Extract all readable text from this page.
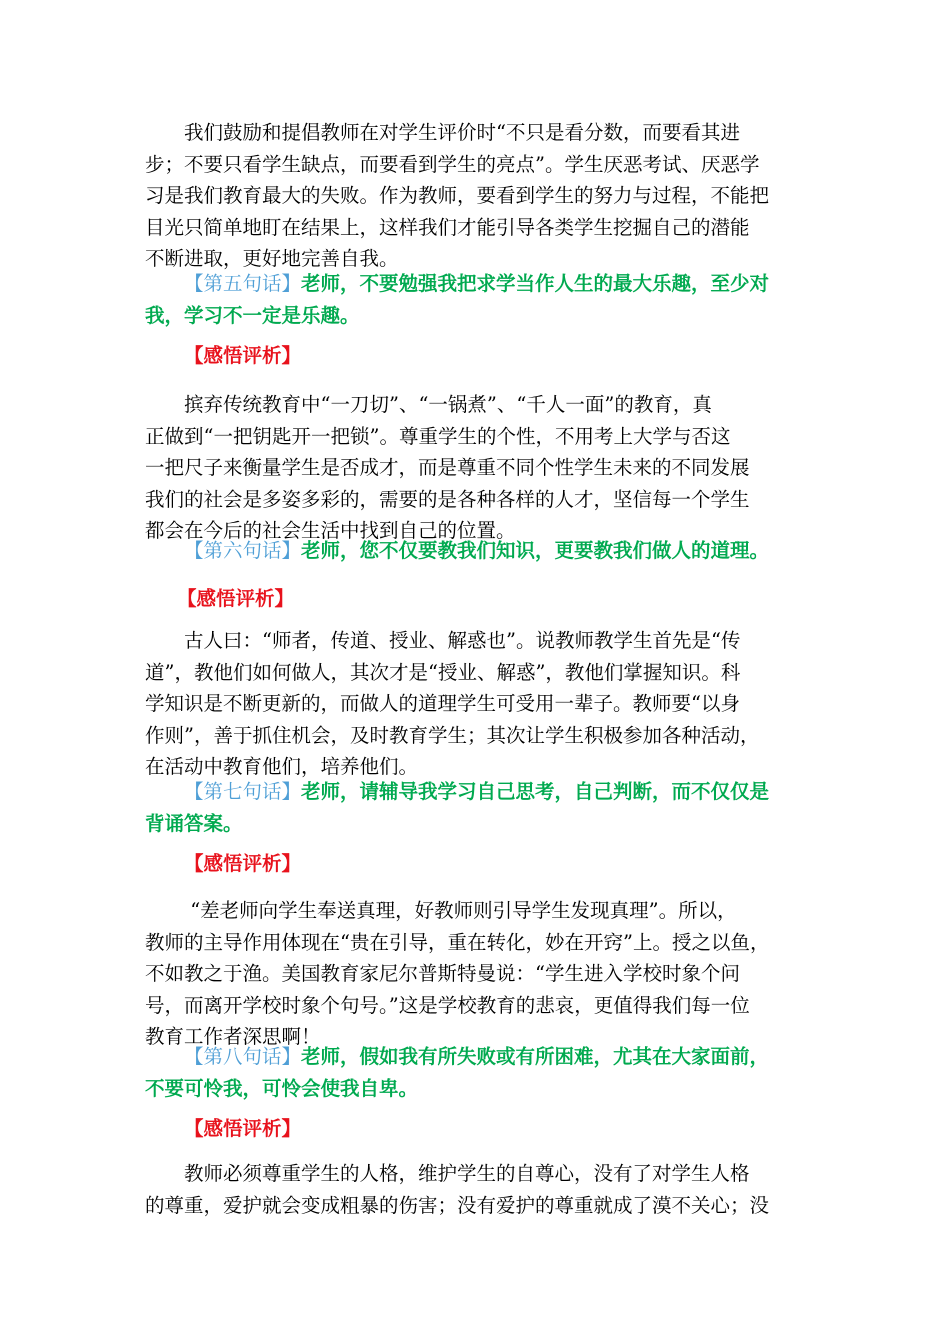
　　我们鼓励和提倡教师在对学生评价时“不只是看分数，而要看其进

步；不要只看学生缺点，而要看到学生的亮点”。学生厌恶考试、厌恶学

习是我们教育最大的失败。作为教师，要看到学生的努力与过程，不能把

目光只简单地盯在结果上，这样我们才能引导各类学生挖掘自己的潜能

不断进取，更好地完善自我。

【第五句话】老师，不要勉强我把求学当作人生的最大乐趣，至少对

我，学习不一定是乐趣。

【感悟评析】

　　摈弃传统教育中“一刀切”、“一锅煮”、“千人一面”的教育，真

正做到“一把钥匙开一把锁”。尊重学生的个性，不用考上大学与否这

一把尺子来衡量学生是否成才，而是尊重不同个性学生未来的不同发展

我们的社会是多姿多彩的，需要的是各种各样的人才，坚信每一个学生

都会在今后的社会生活中找到自己的位置。

【第六句话】老师，您不仅要教我们知识，更要教我们做人的道理。

【感悟评析】

　　古人曰：“师者，传道、授业、解惑也”。说教师教学生首先是“传

道”，教他们如何做人，其次才是“授业、解惑”，教他们掌握知识。科

学知识是不断更新的，而做人的道理学生可受用一辈子。教师要“以身

作则”，善于抓住机会，及时教育学生；其次让学生积极参加各种活动，

在活动中教育他们，培养他们。

【第七句话】老师，请辅导我学习自己思考，自己判断，而不仅仅是

背诵答案。

【感悟评析】

　　 “差老师向学生奉送真理，好教师则引导学生发现真理”。所以，

教师的主导作用体现在“贵在引导，重在转化，妙在开窍”上。授之以鱼，

不如教之于渔。美国教育家尼尔普斯特曼说：“学生进入学校时象个问

号，而离开学校时象个句号。”这是学校教育的悲哀，更值得我们每一位

教育工作者深思啊！

【第八句话】老师，假如我有所失败或有所困难，尤其在大家面前，

不要可怜我，可怜会使我自卑。

【感悟评析】

　　教师必须尊重学生的人格，维护学生的自尊心，没有了对学生人格

的尊重，爱护就会变成粗暴的伤害；没有爱护的尊重就成了漠不关心；没
